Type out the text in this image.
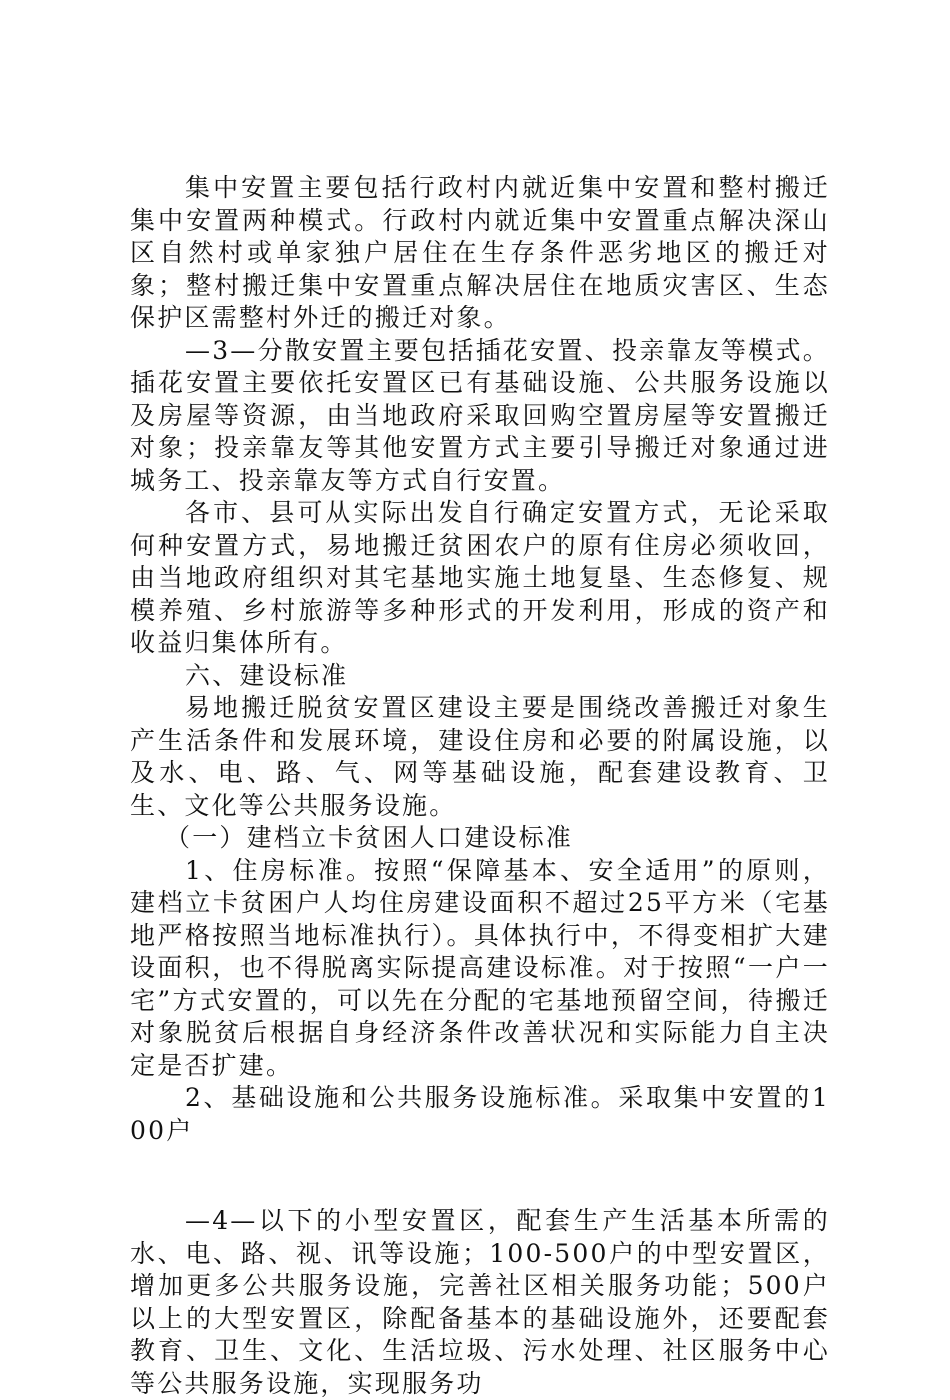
集中安置主要包括行政村内就近集中安置和整村搬迁集中安置两种模式。行政村内就近集中安置重点解决深山区自然村或单家独户居住在生存条件恶劣地区的搬迁对象；整村搬迁集中安置重点解决居住在地质灾害区、生态保护区需整村外迁的搬迁对象。

—3—分散安置主要包括插花安置、投亲靠友等模式。插花安置主要依托安置区已有基础设施、公共服务设施以及房屋等资源，由当地政府采取回购空置房屋等安置搬迁对象；投亲靠友等其他安置方式主要引导搬迁对象通过进城务工、投亲靠友等方式自行安置。

各市、县可从实际出发自行确定安置方式，无论采取何种安置方式，易地搬迁贫困农户的原有住房必须收回，由当地政府组织对其宅基地实施土地复垦、生态修复、规模养殖、乡村旅游等多种形式的开发利用，形成的资产和收益归集体所有。

六、建设标准

易地搬迁脱贫安置区建设主要是围绕改善搬迁对象生产生活条件和发展环境，建设住房和必要的附属设施，以及水、电、路、气、网等基础设施，配套建设教育、卫生、文化等公共服务设施。

（一）建档立卡贫困人口建设标准

1、住房标准。按照“保障基本、安全适用”的原则，建档立卡贫困户人均住房建设面积不超过25平方米（宅基地严格按照当地标准执行）。具体执行中，不得变相扩大建设面积，也不得脱离实际提高建设标准。对于按照“一户一宅”方式安置的，可以先在分配的宅基地预留空间，待搬迁对象脱贫后根据自身经济条件改善状况和实际能力自主决定是否扩建。

2、基础设施和公共服务设施标准。采取集中安置的100户

—4—以下的小型安置区，配套生产生活基本所需的水、电、路、视、讯等设施；100-500户的中型安置区，增加更多公共服务设施，完善社区相关服务功能；500户以上的大型安置区，除配备基本的基础设施外，还要配套教育、卫生、文化、生活垃圾、污水处理、社区服务中心等公共服务设施，实现服务功
